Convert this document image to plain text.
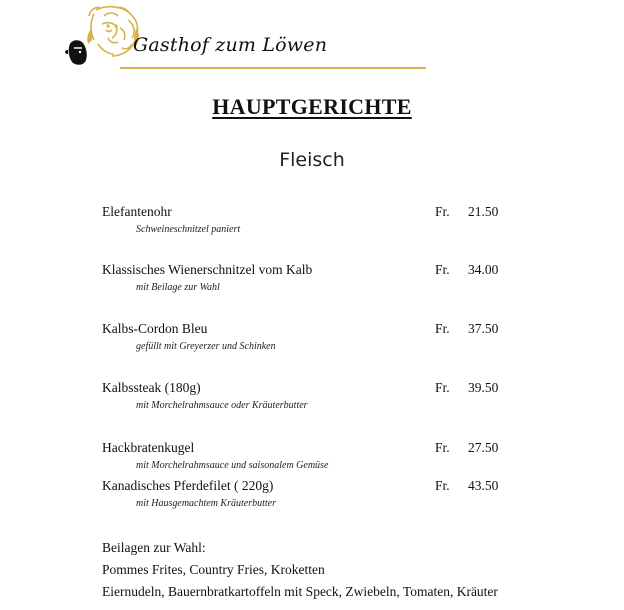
Gasthof zum Löwen
HAUPTGERICHTE
Fleisch
Elefantenohr	Fr. 21.50
Schweineschnitzel paniert
Klassisches Wienerschnitzel vom Kalb	Fr. 34.00
mit Beilage zur Wahl
Kalbs-Cordon Bleu	Fr. 37.50
gefüllt mit Greyerzer und Schinken
Kalbssteak (180g)	Fr. 39.50
mit Morchelrahmsauce oder Kräuterbutter
Hackbratenkugel	Fr. 27.50
mit Morchelrahmsauce und saisonalem Gemüse
Kanadisches Pferdefilet ( 220g)	Fr. 43.50
mit Hausgemachtem Kräuterbutter
Beilagen zur Wahl:
Pommes Frites, Country Fries, Kroketten
Eiernudeln, Bauernbratkartoffeln mit Speck, Zwiebeln, Tomaten, Kräuter
